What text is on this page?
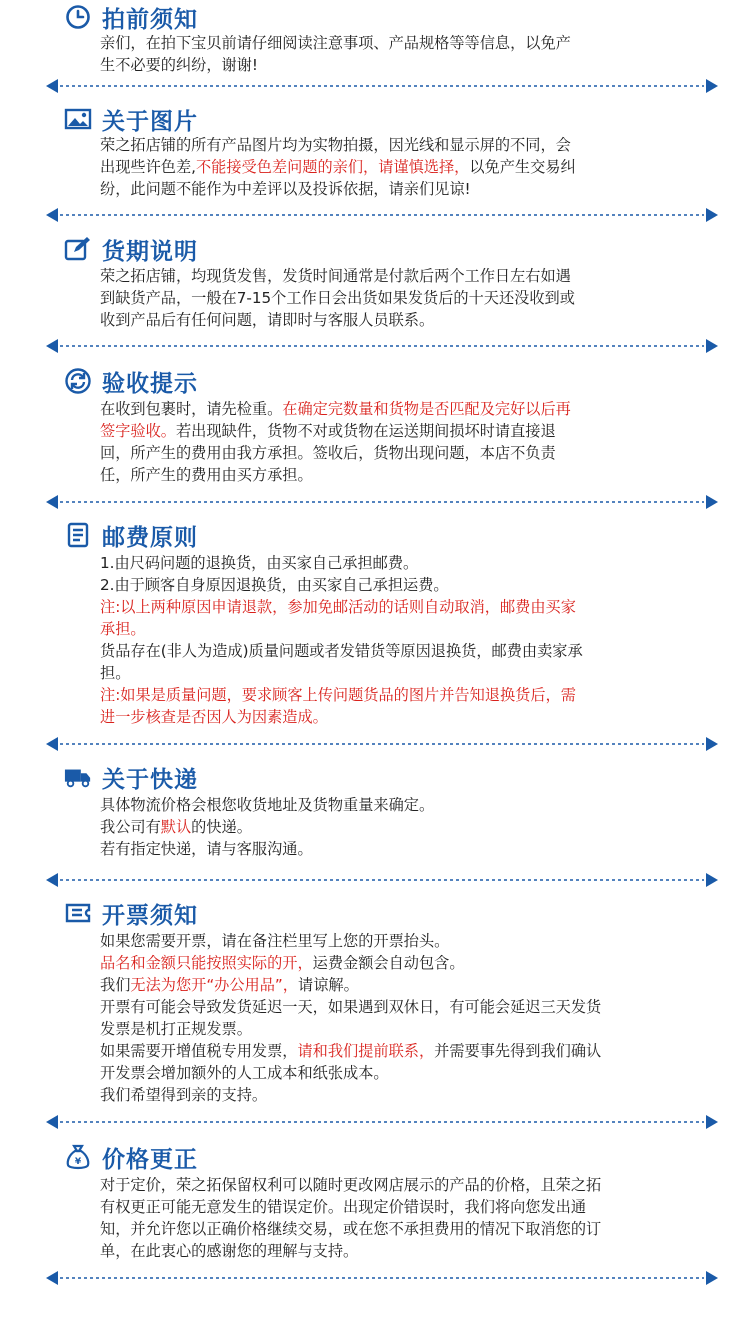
拍前须知
亲们，在拍下宝贝前请仔细阅读注意事项、产品规格等等信息，以免产
生不必要的纠纷，谢谢!
关于图片
荣之拓店铺的所有产品图片均为实物拍摄，因光线和显示屏的不同，会
出现些许色差,不能接受色差问题的亲们，请谨慎选择，以免产生交易纠
纷，此问题不能作为中差评以及投诉依据，请亲们见谅!
货期说明
荣之拓店铺，均现货发售，发货时间通常是付款后两个工作日左右如遇
到缺货产品，一般在7-15个工作日会出货如果发货后的十天还没收到或
收到产品后有任何问题，请即时与客服人员联系。
验收提示
在收到包裹时，请先检重。在确定完数量和货物是否匹配及完好以后再
签字验收。若出现缺件，货物不对或货物在运送期间损坏时请直接退
回，所产生的费用由我方承担。签收后，货物出现问题，本店不负责
任，所产生的费用由买方承担。
邮费原则
1.由尺码问题的退换货，由买家自己承担邮费。
2.由于顾客自身原因退换货，由买家自己承担运费。
注:以上两种原因申请退款，参加免邮活动的话则自动取消，邮费由买家
承担。
货品存在(非人为造成)质量问题或者发错货等原因退换货，邮费由卖家承
担。
注:如果是质量问题，要求顾客上传问题货品的图片并告知退换货后，需
进一步核查是否因人为因素造成。
关于快递
具体物流价格会根您收货地址及货物重量来确定。
我公司有默认的快递。
若有指定快递，请与客服沟通。
开票须知
如果您需要开票，请在备注栏里写上您的开票抬头。
品名和金额只能按照实际的开，运费金额会自动包含。
我们无法为您开“办公用品”，请谅解。
开票有可能会导致发货延迟一天，如果遇到双休日，有可能会延迟三天发货
发票是机打正规发票。
如果需要开增值税专用发票，请和我们提前联系，并需要事先得到我们确认
开发票会增加额外的人工成本和纸张成本。
我们希望得到亲的支持。
¥ 价格更正
对于定价，荣之拓保留权利可以随时更改网店展示的产品的价格，且荣之拓
有权更正可能无意发生的错误定价。出现定价错误时，我们将向您发出通
知，并允许您以正确价格继续交易，或在您不承担费用的情况下取消您的订
单，在此衷心的感谢您的理解与支持。
